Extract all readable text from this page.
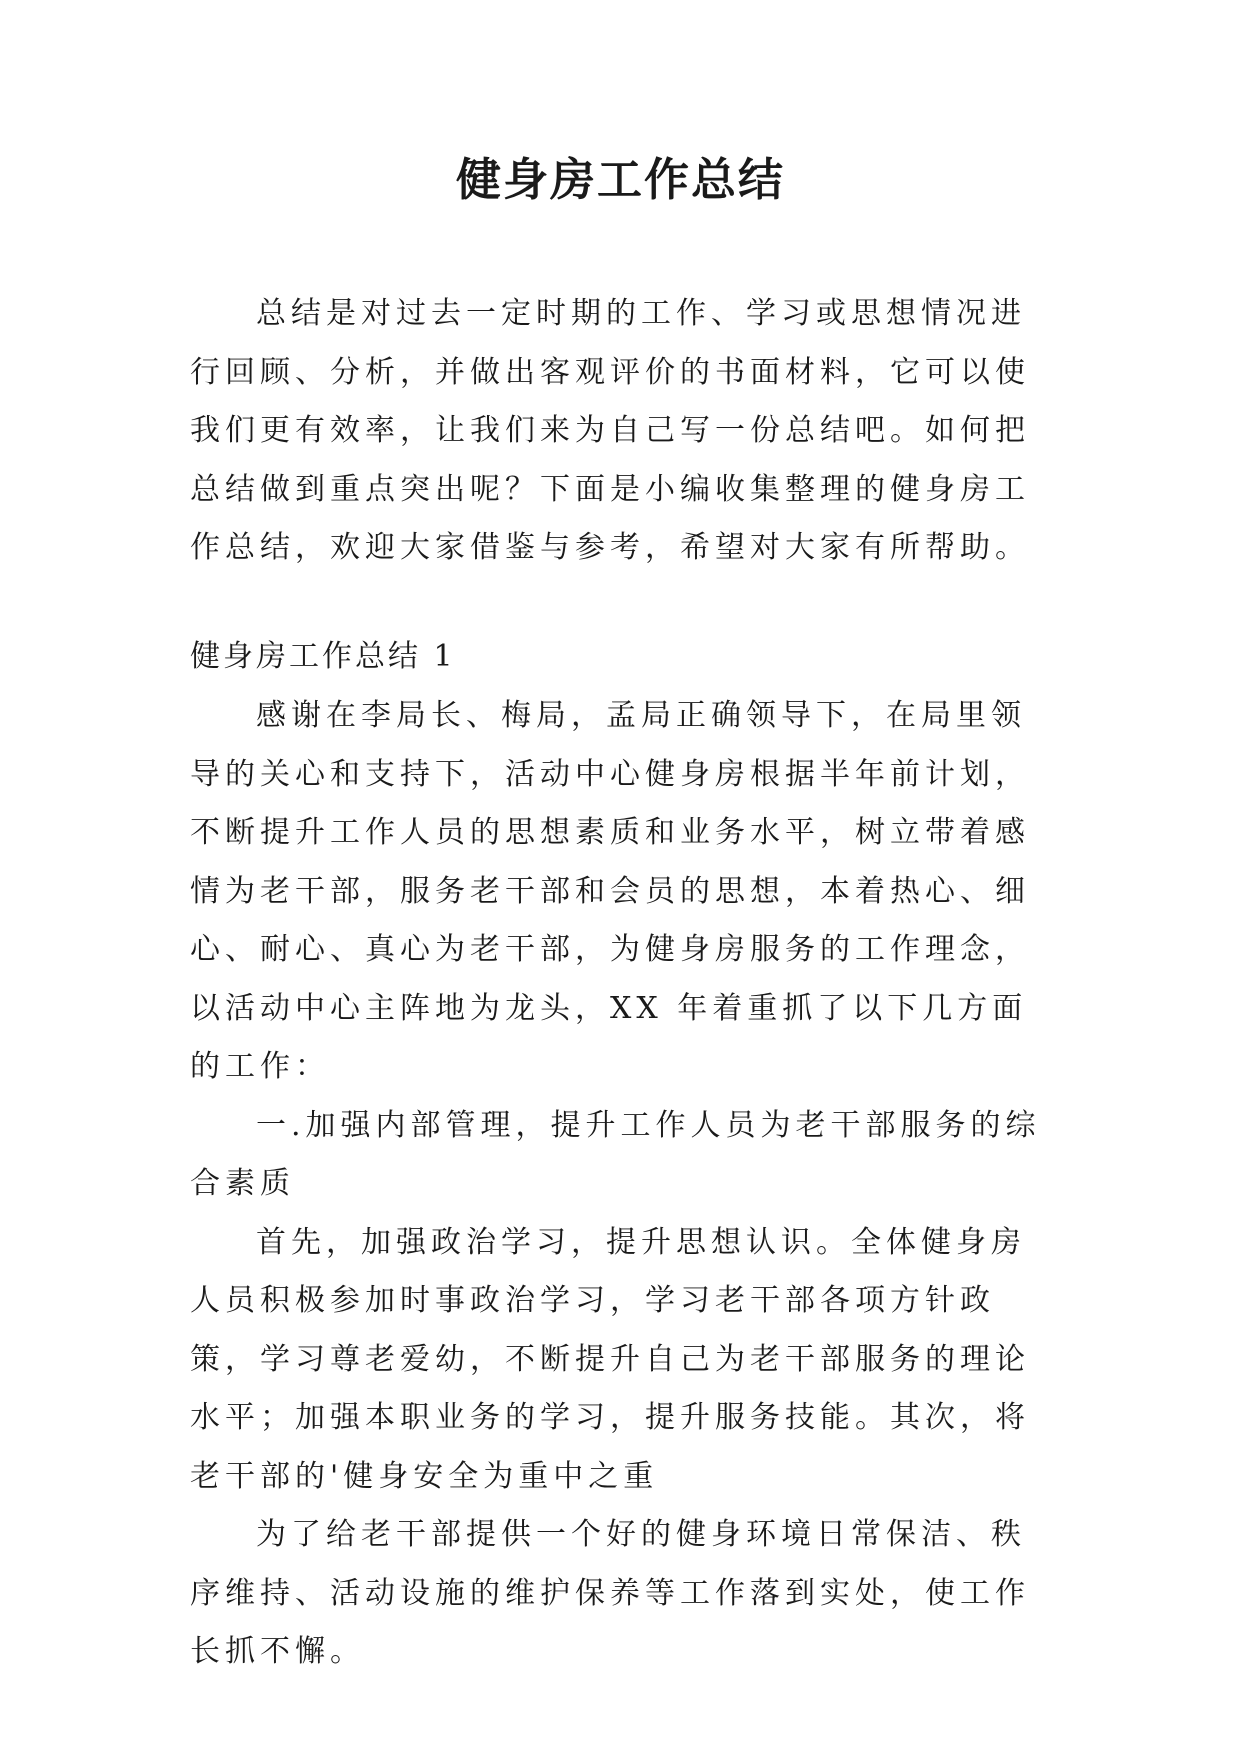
健身房工作总结

总结是对过去一定时期的工作、学习或思想情况进行回顾、分析，并做出客观评价的书面材料，它可以使我们更有效率，让我们来为自己写一份总结吧。如何把总结做到重点突出呢？下面是小编收集整理的健身房工作总结，欢迎大家借鉴与参考，希望对大家有所帮助。

健身房工作总结 1

感谢在李局长、梅局，孟局正确领导下，在局里领导的关心和支持下，活动中心健身房根据半年前计划，不断提升工作人员的思想素质和业务水平，树立带着感情为老干部，服务老干部和会员的思想，本着热心、细心、耐心、真心为老干部，为健身房服务的工作理念，以活动中心主阵地为龙头，XX 年着重抓了以下几方面的工作：

一.加强内部管理，提升工作人员为老干部服务的综合素质

首先，加强政治学习，提升思想认识。全体健身房人员积极参加时事政治学习，学习老干部各项方针政策，学习尊老爱幼，不断提升自己为老干部服务的理论水平；加强本职业务的学习，提升服务技能。其次，将老干部的'健身安全为重中之重

为了给老干部提供一个好的健身环境日常保洁、秩序维持、活动设施的维护保养等工作落到实处，使工作长抓不懈。
